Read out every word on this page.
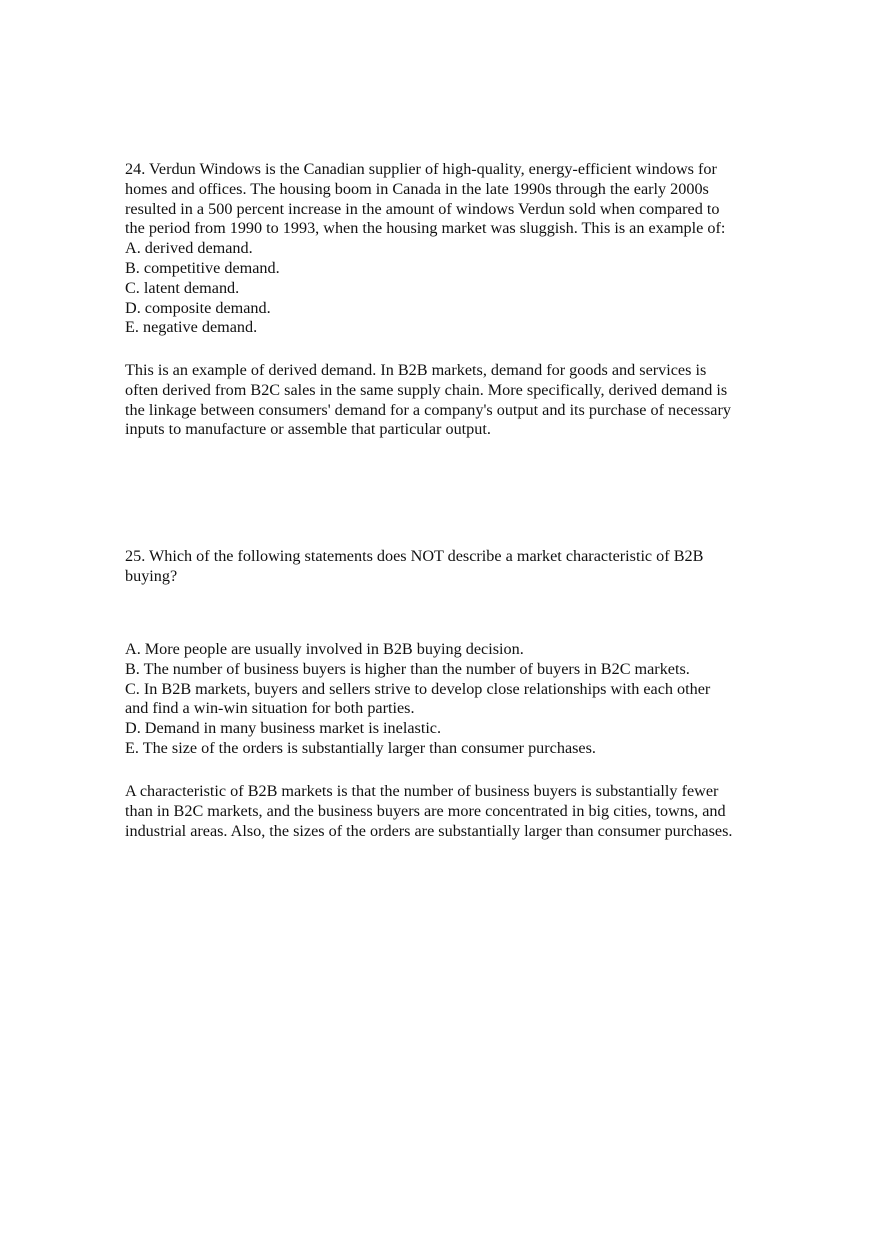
24. Verdun Windows is the Canadian supplier of high-quality, energy-efficient windows for
homes and offices. The housing boom in Canada in the late 1990s through the early 2000s
resulted in a 500 percent increase in the amount of windows Verdun sold when compared to
the period from 1990 to 1993, when the housing market was sluggish. This is an example of:
A. derived demand.
B. competitive demand.
C. latent demand.
D. composite demand.
E. negative demand.
This is an example of derived demand. In B2B markets, demand for goods and services is
often derived from B2C sales in the same supply chain. More specifically, derived demand is
the linkage between consumers' demand for a company's output and its purchase of necessary
inputs to manufacture or assemble that particular output.
25. Which of the following statements does NOT describe a market characteristic of B2B
buying?
A. More people are usually involved in B2B buying decision.
B. The number of business buyers is higher than the number of buyers in B2C markets.
C. In B2B markets, buyers and sellers strive to develop close relationships with each other
and find a win-win situation for both parties.
D. Demand in many business market is inelastic.
E. The size of the orders is substantially larger than consumer purchases.
A characteristic of B2B markets is that the number of business buyers is substantially fewer
than in B2C markets, and the business buyers are more concentrated in big cities, towns, and
industrial areas. Also, the sizes of the orders are substantially larger than consumer purchases.
